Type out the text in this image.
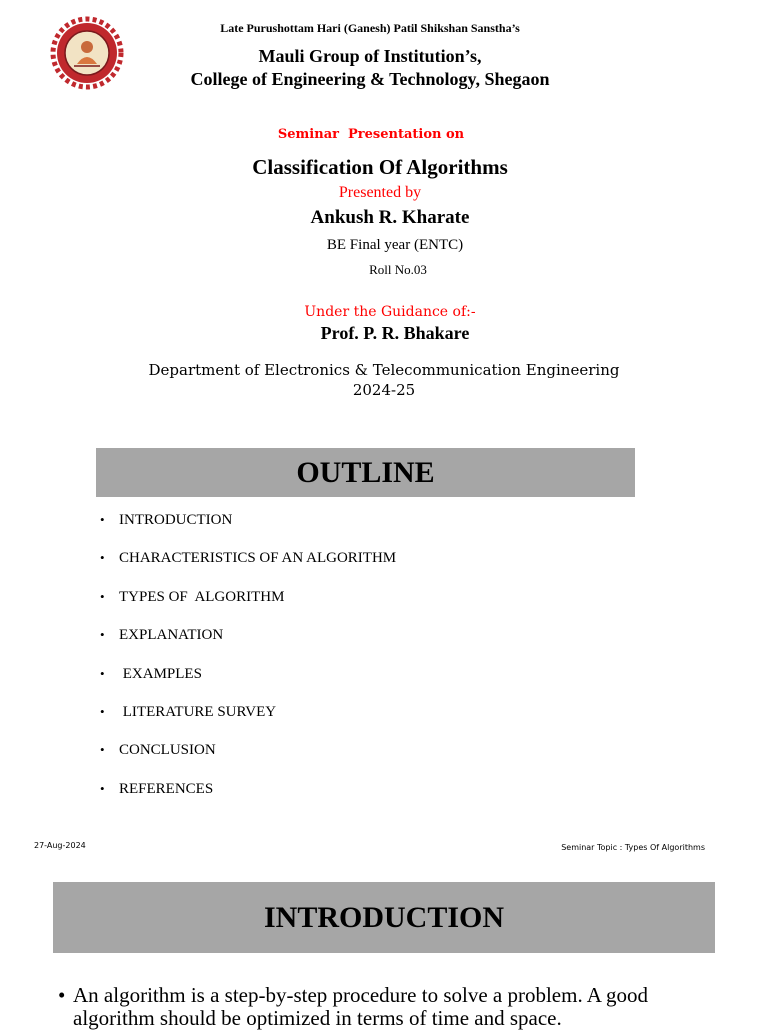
Late Purushottam Hari (Ganesh) Patil Shikshan Sanstha’s
Mauli Group of Institution’s,
College of Engineering & Technology, Shegaon
Seminar  Presentation on
Classification Of Algorithms
Presented by
Ankush R. Kharate
BE Final year (ENTC)
Roll No.03
Under the Guidance of:-
Prof. P. R. Bhakare
Department of Electronics & Telecommunication Engineering
2024-25
OUTLINE
• INTRODUCTION
• CHARACTERISTICS OF AN ALGORITHM
• TYPES OF  ALGORITHM
• EXPLANATION
• EXAMPLES
• LITERATURE SURVEY
• CONCLUSION
• REFERENCES
27-Aug-2024	Seminar Topic : Types Of Algorithms
INTRODUCTION
• An algorithm is a step-by-step procedure to solve a problem. A good algorithm should be optimized in terms of time and space.
